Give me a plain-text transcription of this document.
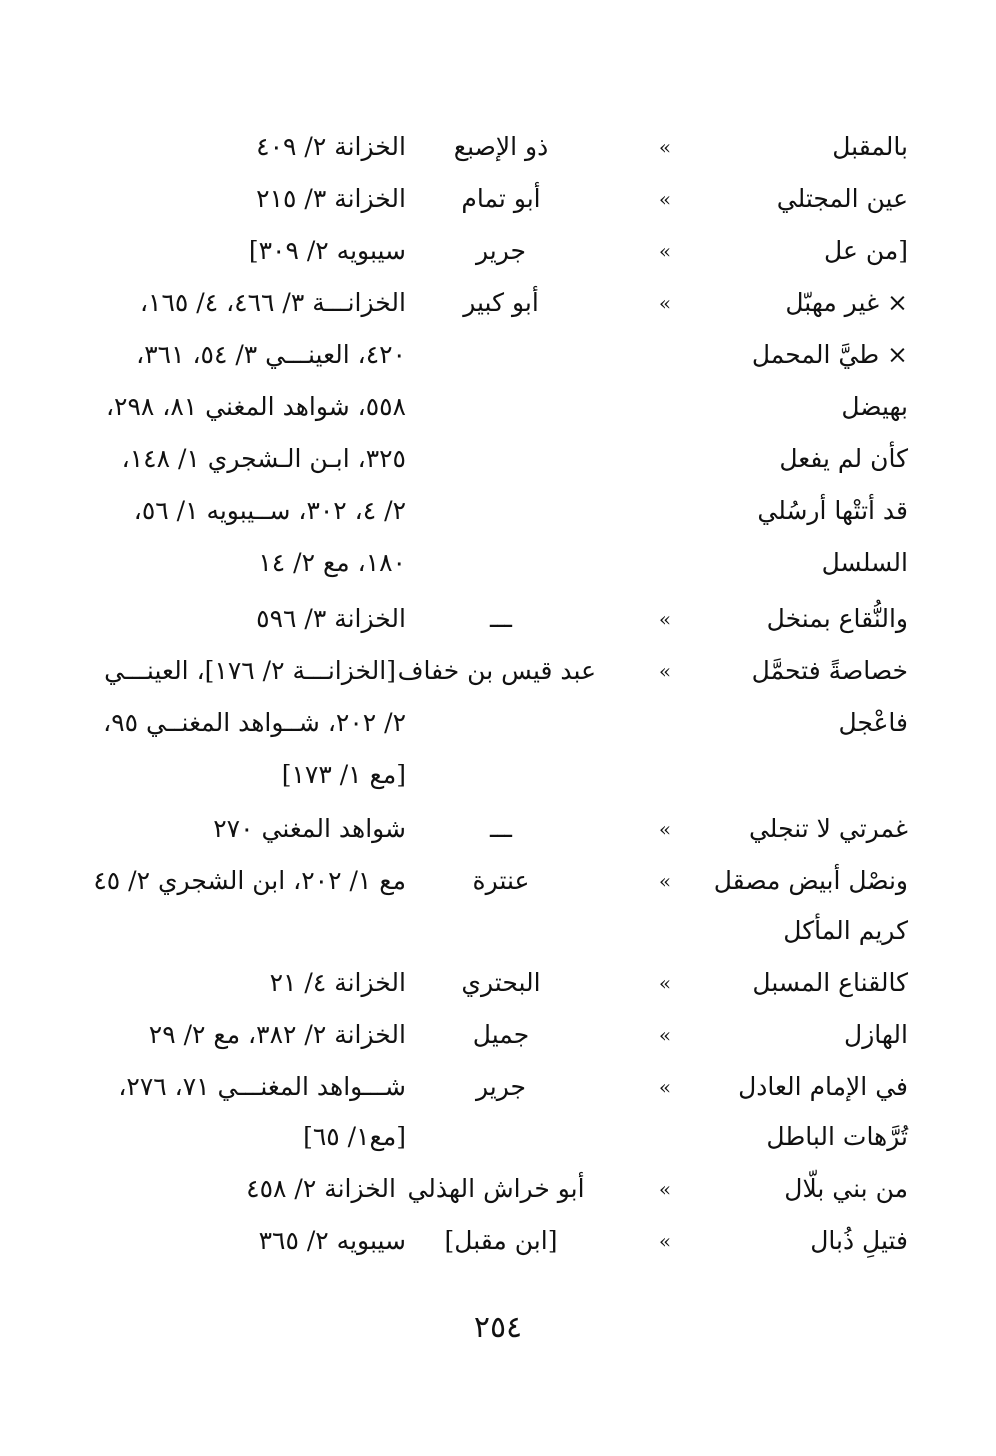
بالمقبل
»
ذو الإصبع
الخزانة ٢/ ٤٠٩
عين المجتلي
»
أبو تمام
الخزانة ٣/ ٢١٥
[من عل
»
جرير
سيبويه ٢/ ٣٠٩]
× غير مهبّل
»
أبو كبير
الخزانـــة ٣/ ٤٦٦، ٤/ ١٦٥،
× طيَّ المحمل
٤٢٠، العينـــي ٣/ ٥٤، ٣٦١،
بهيضل
٥٥٨، شواهد المغني ٨١، ٢٩٨،
كأن لم يفعل
٣٢٥، ابـن الـشجري ١/ ١٤٨،
قد أتتْها أرسُلي
٢/ ٤، ٣٠٢، ســيبويه ١/ ٥٦،
السلسل
١٨٠، مع ٢/ ١٤
والنُّقاع بمنخل
»
ـــ
الخزانة ٣/ ٥٩٦
خصاصةً فتحمَّل
»
عبد قيس بن خفاف
[الخزانـــة ٢/ ١٧٦]، العينـــي
فاعْجل
٢/ ٢٠٢، شــواهد المغنــي ٩٥،
[مع ١/ ١٧٣]
غمرتي لا تنجلي
»
ـــ
شواهد المغني ٢٧٠
ونصْل أبيض مصقل
»
عنترة
مع ١/ ٢٠٢، ابن الشجري ٢/ ٤٥
كريم المأكل
كالقناع المسبل
»
البحتري
الخزانة ٤/ ٢١
الهازل
»
جميل
الخزانة ٢/ ٣٨٢، مع ٢/ ٢٩
في الإمام العادل
»
جرير
شـــواهد المغنـــي ٧١، ٢٧٦،
تُرَّهات الباطل
[مع١/ ٦٥]
من بني بلّال
»
أبو خراش الهذلي
الخزانة ٢/ ٤٥٨
فتيلِ ذُبال
»
[ابن مقبل]
سيبويه ٢/ ٣٦٥
٢٥٤
